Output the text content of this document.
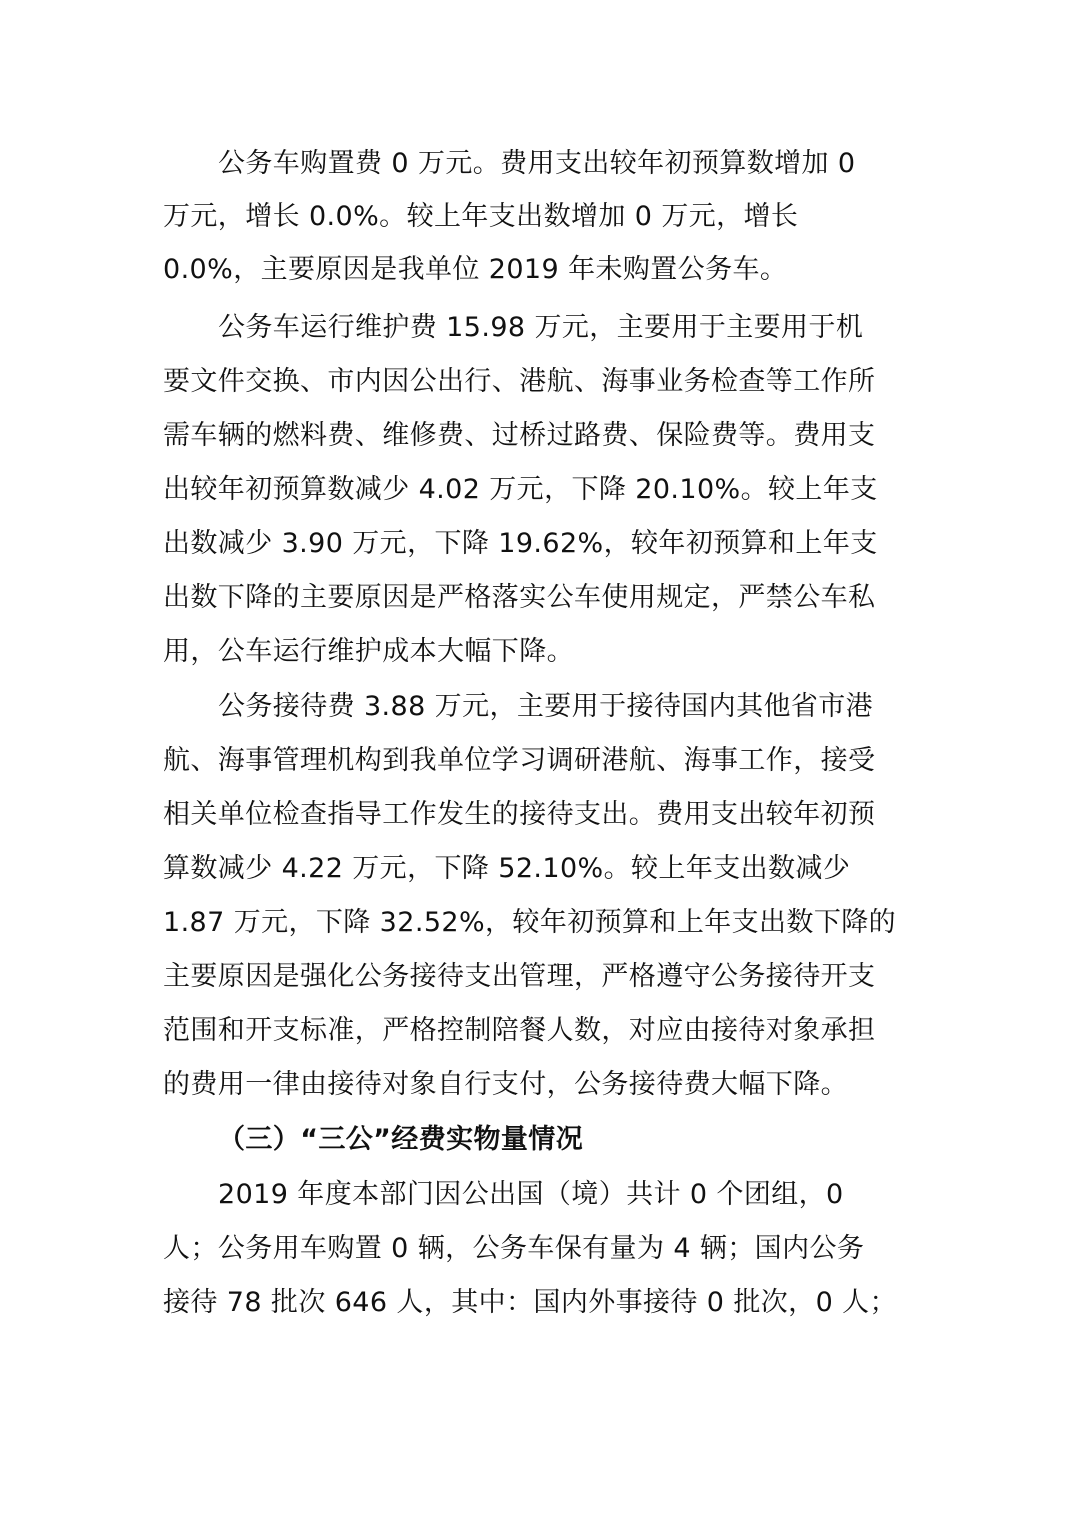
公务车购置费 0 万元。费用支出较年初预算数增加 0
万元，增长 0.0%。较上年支出数增加 0 万元，增长
0.0%，主要原因是我单位 2019 年未购置公务车。
公务车运行维护费 15.98 万元，主要用于主要用于机
要文件交换、市内因公出行、港航、海事业务检查等工作所
需车辆的燃料费、维修费、过桥过路费、保险费等。费用支
出较年初预算数减少 4.02 万元，下降 20.10%。较上年支
出数减少 3.90 万元，下降 19.62%，较年初预算和上年支
出数下降的主要原因是严格落实公车使用规定，严禁公车私
用，公车运行维护成本大幅下降。
公务接待费 3.88 万元，主要用于接待国内其他省市港
航、海事管理机构到我单位学习调研港航、海事工作，接受
相关单位检查指导工作发生的接待支出。费用支出较年初预
算数减少 4.22 万元，下降 52.10%。较上年支出数减少
1.87 万元，下降 32.52%，较年初预算和上年支出数下降的
主要原因是强化公务接待支出管理，严格遵守公务接待开支
范围和开支标准，严格控制陪餐人数，对应由接待对象承担
的费用一律由接待对象自行支付，公务接待费大幅下降。
（三）“三公”经费实物量情况
2019 年度本部门因公出国（境）共计 0 个团组，0
人；公务用车购置 0 辆，公务车保有量为 4 辆；国内公务
接待 78 批次 646 人，其中：国内外事接待 0 批次，0 人；
